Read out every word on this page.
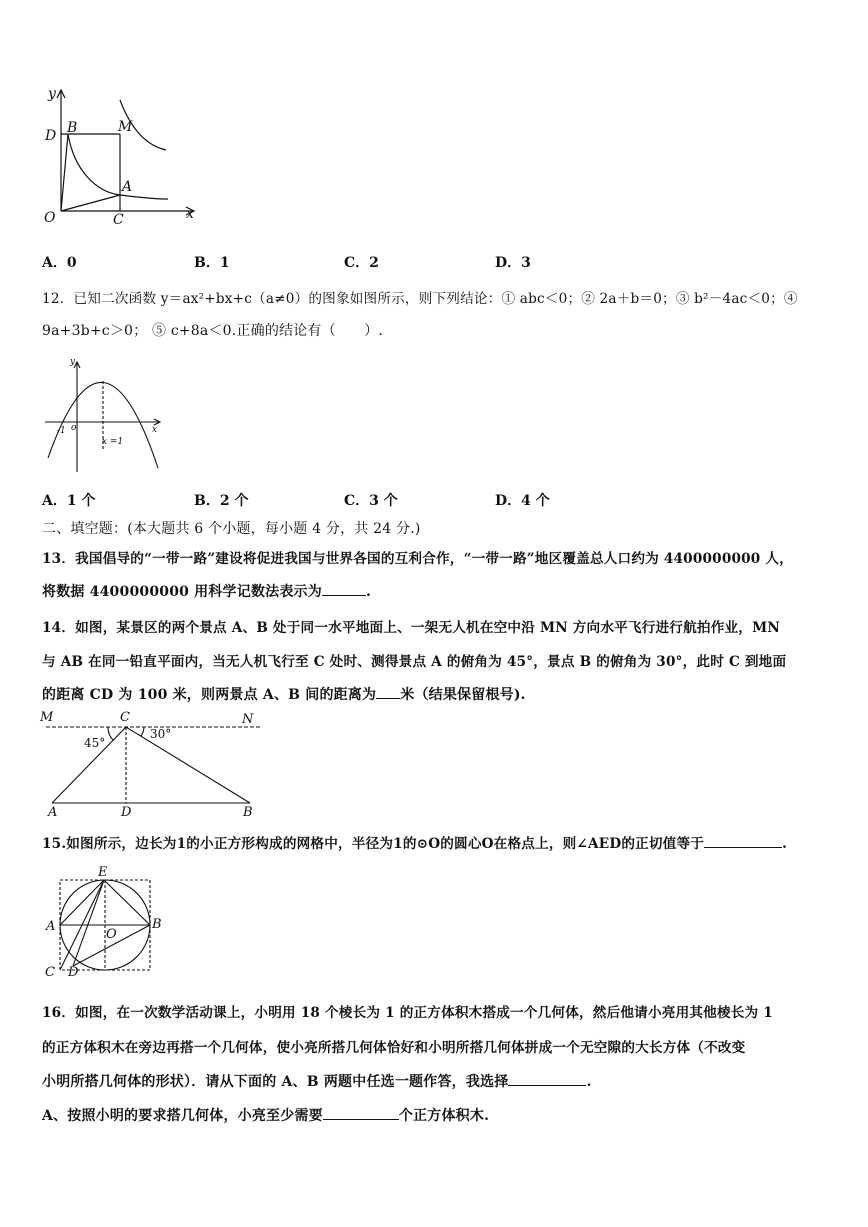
y
x
O	C
D B	M
A
A．0	B．1	C．2	D．3
12．已知二次函数 y＝ax²+bx+c（a≠0）的图象如图所示，则下列结论：① abc＜0；② 2a＋b＝0；③ b²－4ac＜0；④
9a+3b+c＞0； ⑤ c+8a＜0.正确的结论有（　　）.
y
x
-1 o
x =1
A．1 个	B．2 个	C．3 个	D．4 个
二、填空题：(本大题共 6 个小题，每小题 4 分，共 24 分.)
13．我国倡导的“一带一路”建设将促进我国与世界各国的互利合作，“一带一路”地区覆盖总人口约为 4400000000 人，
将数据 4400000000 用科学记数法表示为	.
14．如图，某景区的两个景点 A、B 处于同一水平地面上、一架无人机在空中沿 MN 方向水平飞行进行航拍作业，MN
与 AB 在同一铅直平面内，当无人机飞行至 C 处时、测得景点 A 的俯角为 45°，景点 B 的俯角为 30°，此时 C 到地面
的距离 CD 为 100 米，则两景点 A、B 间的距离为 米（结果保留根号).
M	C	N
A	D	B
45°
30°
15.如图所示，边长为1的小正方形构成的网格中，半径为1的⊙O的圆心O在格点上，则∠AED的正切值等于	.
E
A	B
O
C D
16．如图，在一次数学活动课上，小明用 18 个棱长为 1 的正方体积木搭成一个几何体，然后他请小亮用其他棱长为 1
的正方体积木在旁边再搭一个几何体，使小亮所搭几何体恰好和小明所搭几何体拼成一个无空隙的大长方体（不改变
小明所搭几何体的形状）．请从下面的 A、B 两题中任选一题作答，我选择	.
A、按照小明的要求搭几何体，小亮至少需要	个正方体积木.
